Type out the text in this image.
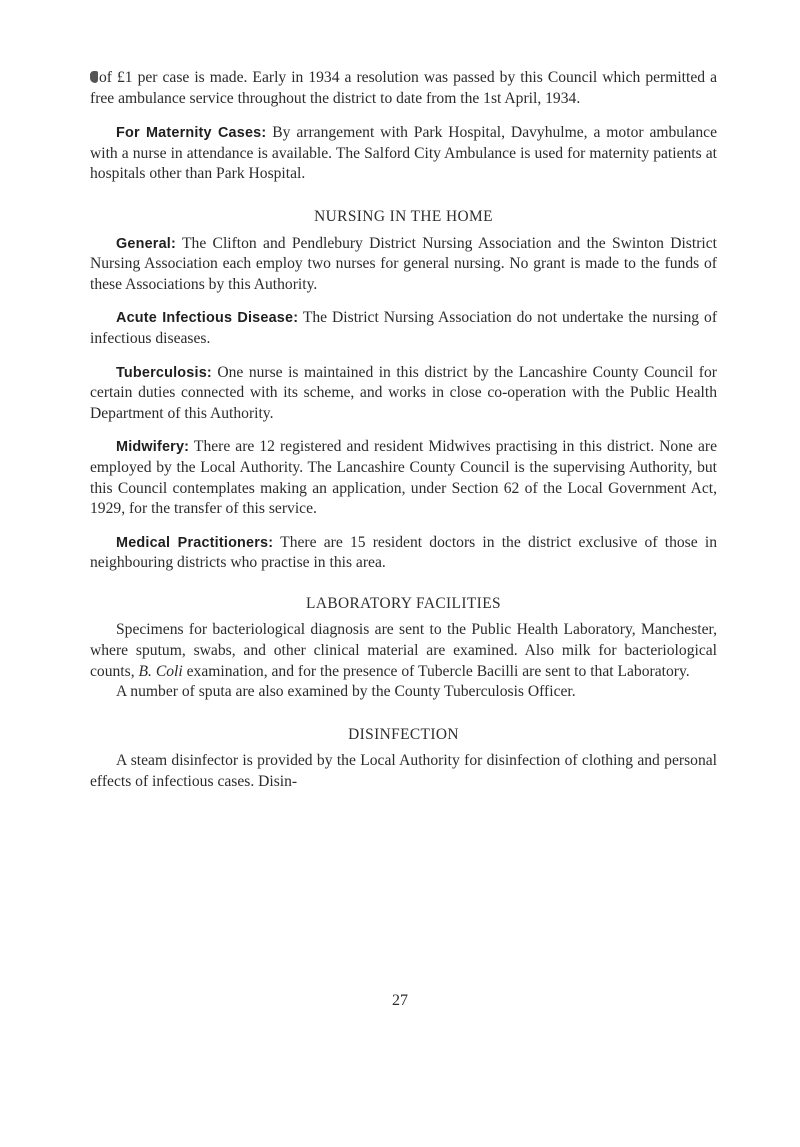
of £1 per case is made. Early in 1934 a resolution was passed by this Council which permitted a free ambulance service throughout the district to date from the 1st April, 1934.

For Maternity Cases: By arrangement with Park Hospital, Davyhulme, a motor ambulance with a nurse in attendance is available. The Salford City Ambulance is used for maternity patients at hospitals other than Park Hospital.

NURSING IN THE HOME

General: The Clifton and Pendlebury District Nursing Association and the Swinton District Nursing Association each employ two nurses for general nursing. No grant is made to the funds of these Associations by this Authority.

Acute Infectious Disease: The District Nursing Association do not undertake the nursing of infectious diseases.

Tuberculosis: One nurse is maintained in this district by the Lancashire County Council for certain duties connected with its scheme, and works in close co-operation with the Public Health Department of this Authority.

Midwifery: There are 12 registered and resident Midwives practising in this district. None are employed by the Local Authority. The Lancashire County Council is the supervising Authority, but this Council contemplates making an application, under Section 62 of the Local Government Act, 1929, for the transfer of this service.

Medical Practitioners: There are 15 resident doctors in the district exclusive of those in neighbouring districts who practise in this area.

LABORATORY FACILITIES

Specimens for bacteriological diagnosis are sent to the Public Health Laboratory, Manchester, where sputum, swabs, and other clinical material are examined. Also milk for bacteriological counts, B. Coli examination, and for the presence of Tubercle Bacilli are sent to that Laboratory.

A number of sputa are also examined by the County Tuberculosis Officer.

DISINFECTION

A steam disinfector is provided by the Local Authority for disinfection of clothing and personal effects of infectious cases. Disin-

27
